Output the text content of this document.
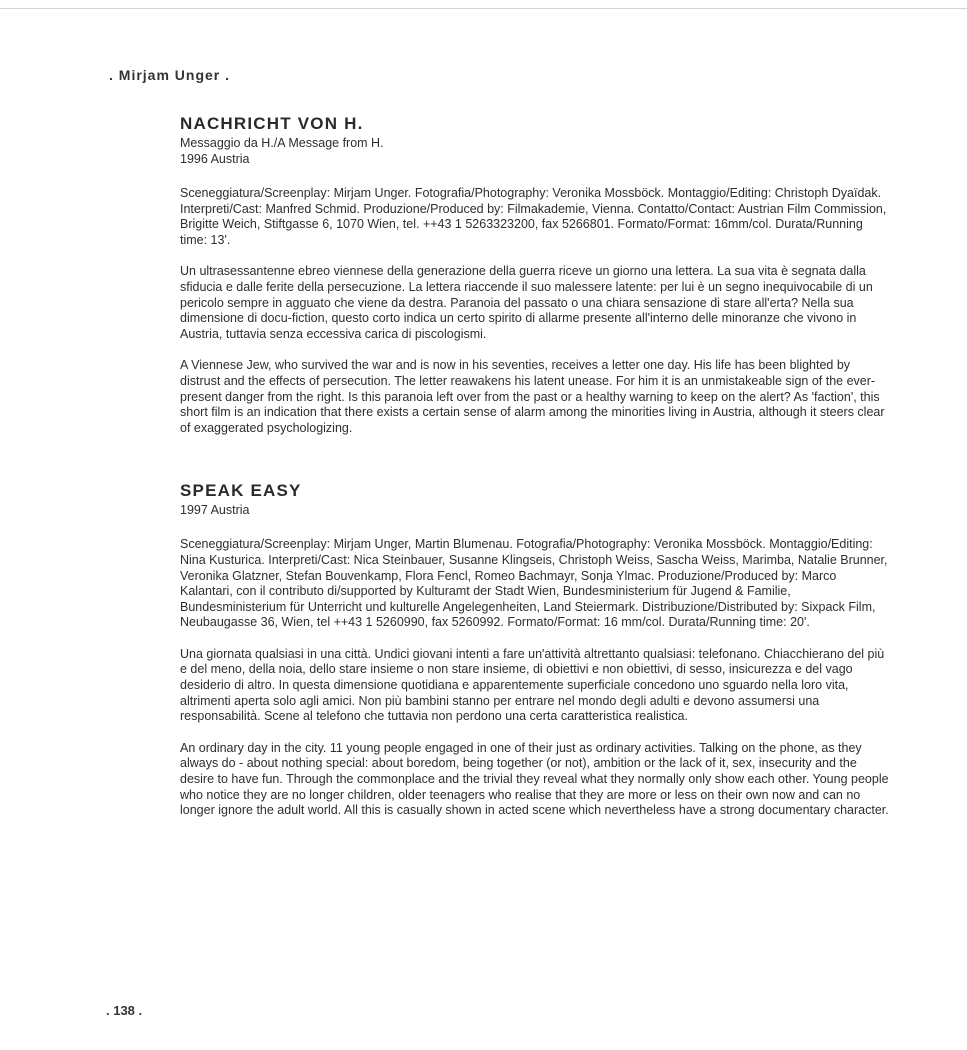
. Mirjam Unger .
NACHRICHT VON H.

Messaggio da H./A Message from H.

1996 Austria

Sceneggiatura/Screenplay: Mirjam Unger. Fotografia/Photography: Veronika Mossböck. Montaggio/Editing: Christoph Dyaïdak. Interpreti/Cast: Manfred Schmid. Produzione/Produced by: Filmakademie, Vienna. Contatto/Contact: Austrian Film Commission, Brigitte Weich, Stiftgasse 6, 1070 Wien, tel. ++43 1 5263323200, fax 5266801. Formato/Format: 16mm/col. Durata/Running time: 13'.

Un ultrasessantenne ebreo viennese della generazione della guerra riceve un giorno una lettera. La sua vita è segnata dalla sfiducia e dalle ferite della persecuzione. La lettera riaccende il suo malessere latente: per lui è un segno inequivocabile di un pericolo sempre in agguato che viene da destra. Paranoia del passato o una chiara sensazione di stare all'erta? Nella sua dimensione di docu-fiction, questo corto indica un certo spirito di allarme presente all'interno delle minoranze che vivono in Austria, tuttavia senza eccessiva carica di piscologismi.

A Viennese Jew, who survived the war and is now in his seventies, receives a letter one day. His life has been blighted by distrust and the effects of persecution. The letter reawakens his latent unease. For him it is an unmistakeable sign of the ever-present danger from the right. Is this paranoia left over from the past or a healthy warning to keep on the alert? As 'faction', this short film is an indication that there exists a certain sense of alarm among the minorities living in Austria, although it steers clear of exaggerated psychologizing.

SPEAK EASY

1997 Austria

Sceneggiatura/Screenplay: Mirjam Unger, Martin Blumenau. Fotografia/Photography: Veronika Mossböck. Montaggio/Editing: Nina Kusturica. Interpreti/Cast: Nica Steinbauer, Susanne Klingseis, Christoph Weiss, Sascha Weiss, Marimba, Natalie Brunner, Veronika Glatzner, Stefan Bouvenkamp, Flora Fencl, Romeo Bachmayr, Sonja Ylmac. Produzione/Produced by: Marco Kalantari, con il contributo di/supported by Kulturamt der Stadt Wien, Bundesministerium für Jugend & Familie, Bundesministerium für Unterricht und kulturelle Angelegenheiten, Land Steiermark. Distribuzione/Distributed by: Sixpack Film, Neubaugasse 36, Wien, tel ++43 1 5260990, fax 5260992. Formato/Format: 16 mm/col. Durata/Running time: 20'.

Una giornata qualsiasi in una città. Undici giovani intenti a fare un'attività altrettanto qualsiasi: telefonano. Chiacchierano del più e del meno, della noia, dello stare insieme o non stare insieme, di obiettivi e non obiettivi, di sesso, insicurezza e del vago desiderio di altro. In questa dimensione quotidiana e apparentemente superficiale concedono uno sguardo nella loro vita, altrimenti aperta solo agli amici. Non più bambini stanno per entrare nel mondo degli adulti e devono assumersi una responsabilità. Scene al telefono che tuttavia non perdono una certa caratteristica realistica.

An ordinary day in the city. 11 young people engaged in one of their just as ordinary activities. Talking on the phone, as they always do - about nothing special: about boredom, being together (or not), ambition or the lack of it, sex, insecurity and the desire to have fun. Through the commonplace and the trivial they reveal what they normally only show each other. Young people who notice they are no longer children, older teenagers who realise that they are more or less on their own now and can no longer ignore the adult world. All this is casually shown in acted scene which nevertheless have a strong documentary character.

. 138 .
